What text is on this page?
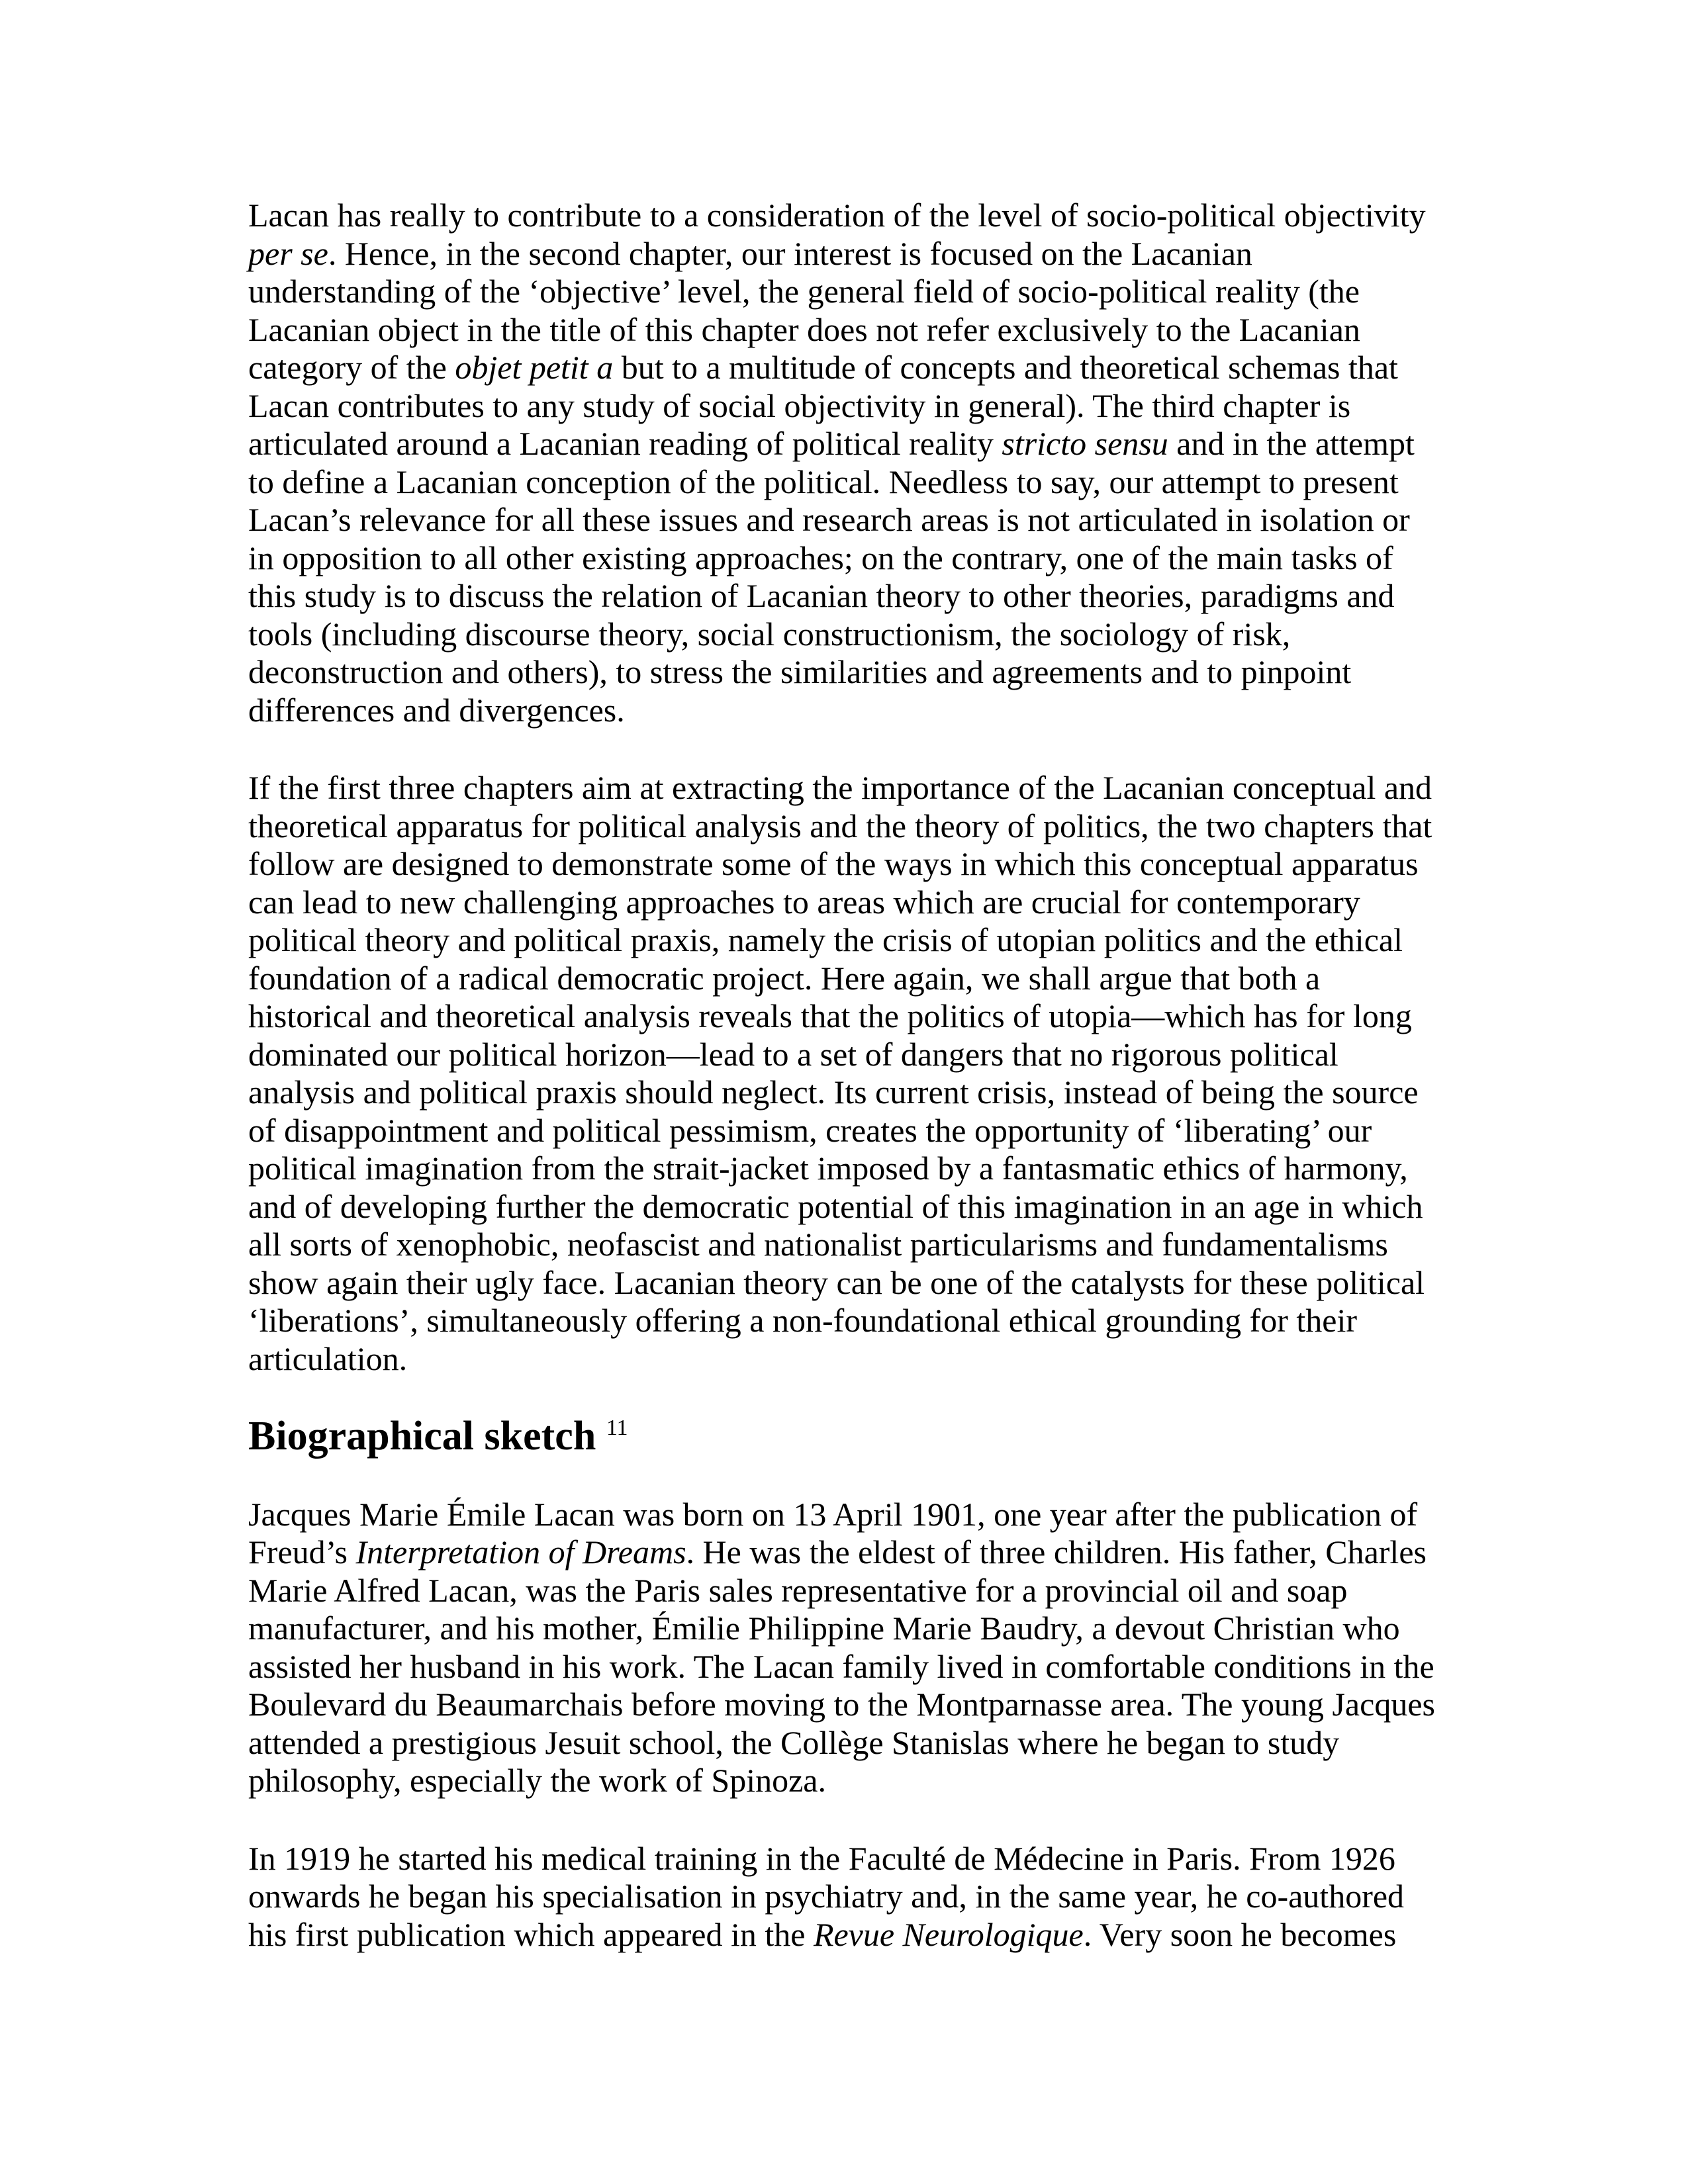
Lacan has really to contribute to a consideration of the level of socio-political objectivity per se. Hence, in the second chapter, our interest is focused on the Lacanian understanding of the ‘objective’ level, the general field of socio-political reality (the Lacanian object in the title of this chapter does not refer exclusively to the Lacanian category of the objet petit a but to a multitude of concepts and theoretical schemas that Lacan contributes to any study of social objectivity in general). The third chapter is articulated around a Lacanian reading of political reality stricto sensu and in the attempt to define a Lacanian conception of the political. Needless to say, our attempt to present Lacan’s relevance for all these issues and research areas is not articulated in isolation or in opposition to all other existing approaches; on the contrary, one of the main tasks of this study is to discuss the relation of Lacanian theory to other theories, paradigms and tools (including discourse theory, social constructionism, the sociology of risk, deconstruction and others), to stress the similarities and agreements and to pinpoint differences and divergences.

If the first three chapters aim at extracting the importance of the Lacanian conceptual and theoretical apparatus for political analysis and the theory of politics, the two chapters that follow are designed to demonstrate some of the ways in which this conceptual apparatus can lead to new challenging approaches to areas which are crucial for contemporary political theory and political praxis, namely the crisis of utopian politics and the ethical foundation of a radical democratic project. Here again, we shall argue that both a historical and theoretical analysis reveals that the politics of utopia—which has for long dominated our political horizon—lead to a set of dangers that no rigorous political analysis and political praxis should neglect. Its current crisis, instead of being the source of disappointment and political pessimism, creates the opportunity of ‘liberating’ our political imagination from the strait-jacket imposed by a fantasmatic ethics of harmony, and of developing further the democratic potential of this imagination in an age in which all sorts of xenophobic, neofascist and nationalist particularisms and fundamentalisms show again their ugly face. Lacanian theory can be one of the catalysts for these political ‘liberations’, simultaneously offering a non-foundational ethical grounding for their articulation.

Biographical sketch $^{11}$

Jacques Marie Émile Lacan was born on 13 April 1901, one year after the publication of Freud’s Interpretation of Dreams. He was the eldest of three children. His father, Charles Marie Alfred Lacan, was the Paris sales representative for a provincial oil and soap manufacturer, and his mother, Émilie Philippine Marie Baudry, a devout Christian who assisted her husband in his work. The Lacan family lived in comfortable conditions in the Boulevard du Beaumarchais before moving to the Montparnasse area. The young Jacques attended a prestigious Jesuit school, the Collège Stanislas where he began to study philosophy, especially the work of Spinoza.

In 1919 he started his medical training in the Faculté de Médecine in Paris. From 1926 onwards he began his specialisation in psychiatry and, in the same year, he co-authored his first publication which appeared in the Revue Neurologique. Very soon he becomes
